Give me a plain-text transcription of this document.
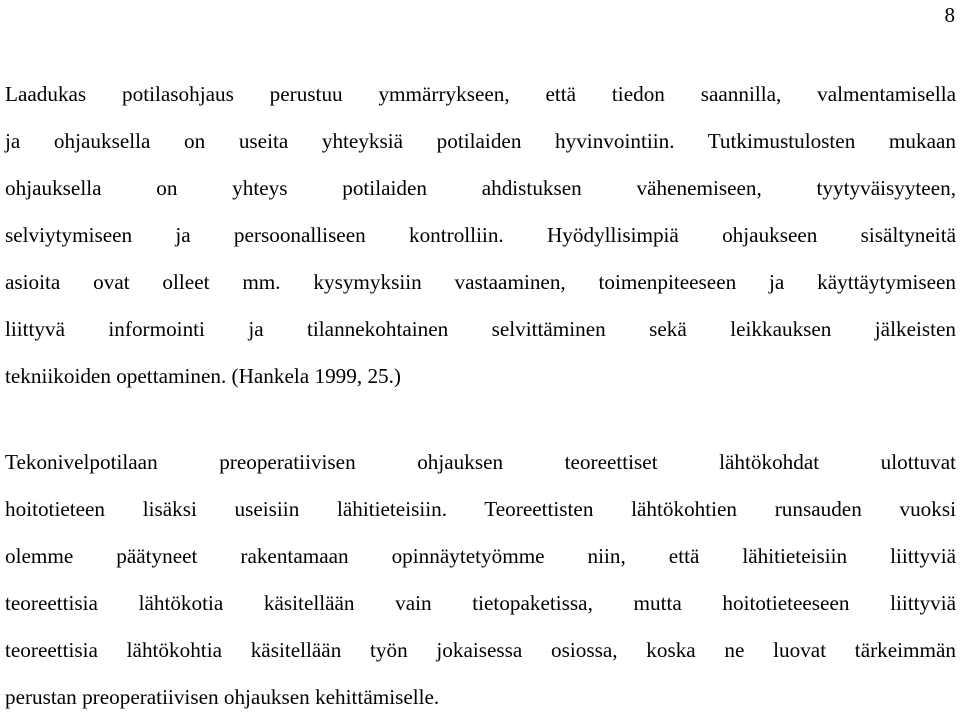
8
Laadukas potilasohjaus perustuu ymmärrykseen, että tiedon saannilla, valmentamisella
ja ohjauksella on useita yhteyksiä potilaiden hyvinvointiin. Tutkimustulosten mukaan
ohjauksella on yhteys potilaiden ahdistuksen vähenemiseen, tyytyväisyyteen,
selviytymiseen ja persoonalliseen kontrolliin. Hyödyllisimpiä ohjaukseen sisältyneitä
asioita ovat olleet mm. kysymyksiin vastaaminen, toimenpiteeseen ja käyttäytymiseen
liittyvä informointi ja tilannekohtainen selvittäminen sekä leikkauksen jälkeisten
tekniikoiden opettaminen. (Hankela 1999, 25.)
Tekonivelpotilaan preoperatiivisen ohjauksen teoreettiset lähtökohdat ulottuvat
hoitotieteen lisäksi useisiin lähitieteisiin. Teoreettisten lähtökohtien runsauden vuoksi
olemme päätyneet rakentamaan opinnäytetyömme niin, että lähitieteisiin liittyviä
teoreettisia lähtökotia käsitellään vain tietopaketissa, mutta hoitotieteeseen liittyviä
teoreettisia lähtökohtia käsitellään työn jokaisessa osiossa, koska ne luovat tärkeimmän
perustan preoperatiivisen ohjauksen kehittämiselle.
